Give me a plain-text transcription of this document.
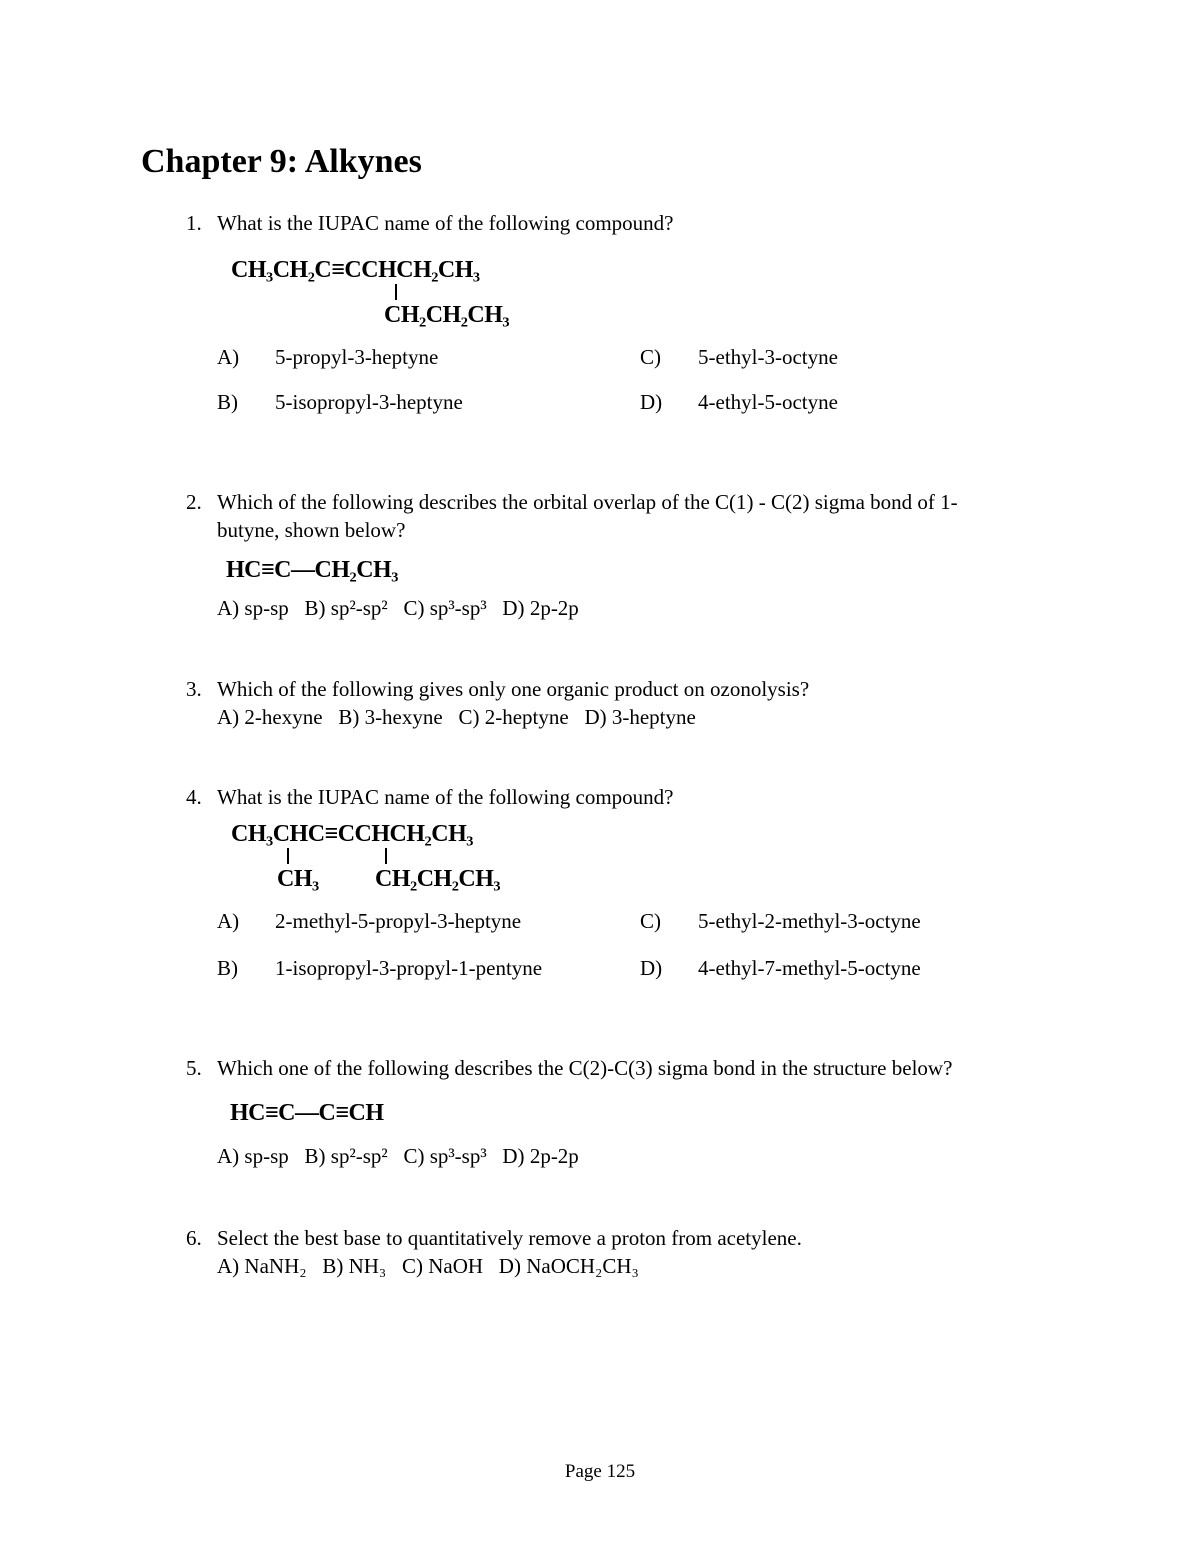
Chapter 9: Alkynes
1. What is the IUPAC name of the following compound?
CH₃CH₂C≡CCHCH₂CH₃
CH₂CH₂CH₃
A) 5-propyl-3-heptyne	C) 5-ethyl-3-octyne
B) 5-isopropyl-3-heptyne	D) 4-ethyl-5-octyne
2. Which of the following describes the orbital overlap of the C(1) - C(2) sigma bond of 1-
butyne, shown below?
HC≡C—CH₂CH₃
A) sp-sp B) sp²-sp² C) sp³-sp³ D) 2p-2p
3. Which of the following gives only one organic product on ozonolysis?
A) 2-hexyne B) 3-hexyne C) 2-heptyne D) 3-heptyne
4. What is the IUPAC name of the following compound?
CH₃CHC≡CCHCH₂CH₃
CH₃ CH₂CH₂CH₃
A) 2-methyl-5-propyl-3-heptyne	C) 5-ethyl-2-methyl-3-octyne
B) 1-isopropyl-3-propyl-1-pentyne	D) 4-ethyl-7-methyl-5-octyne
5. Which one of the following describes the C(2)-C(3) sigma bond in the structure below?
HC≡C—C≡CH
A) sp-sp B) sp²-sp² C) sp³-sp³ D) 2p-2p
6. Select the best base to quantitatively remove a proton from acetylene.
A) NaNH₂ B) NH₃ C) NaOH D) NaOCH₂CH₃
Page 125
